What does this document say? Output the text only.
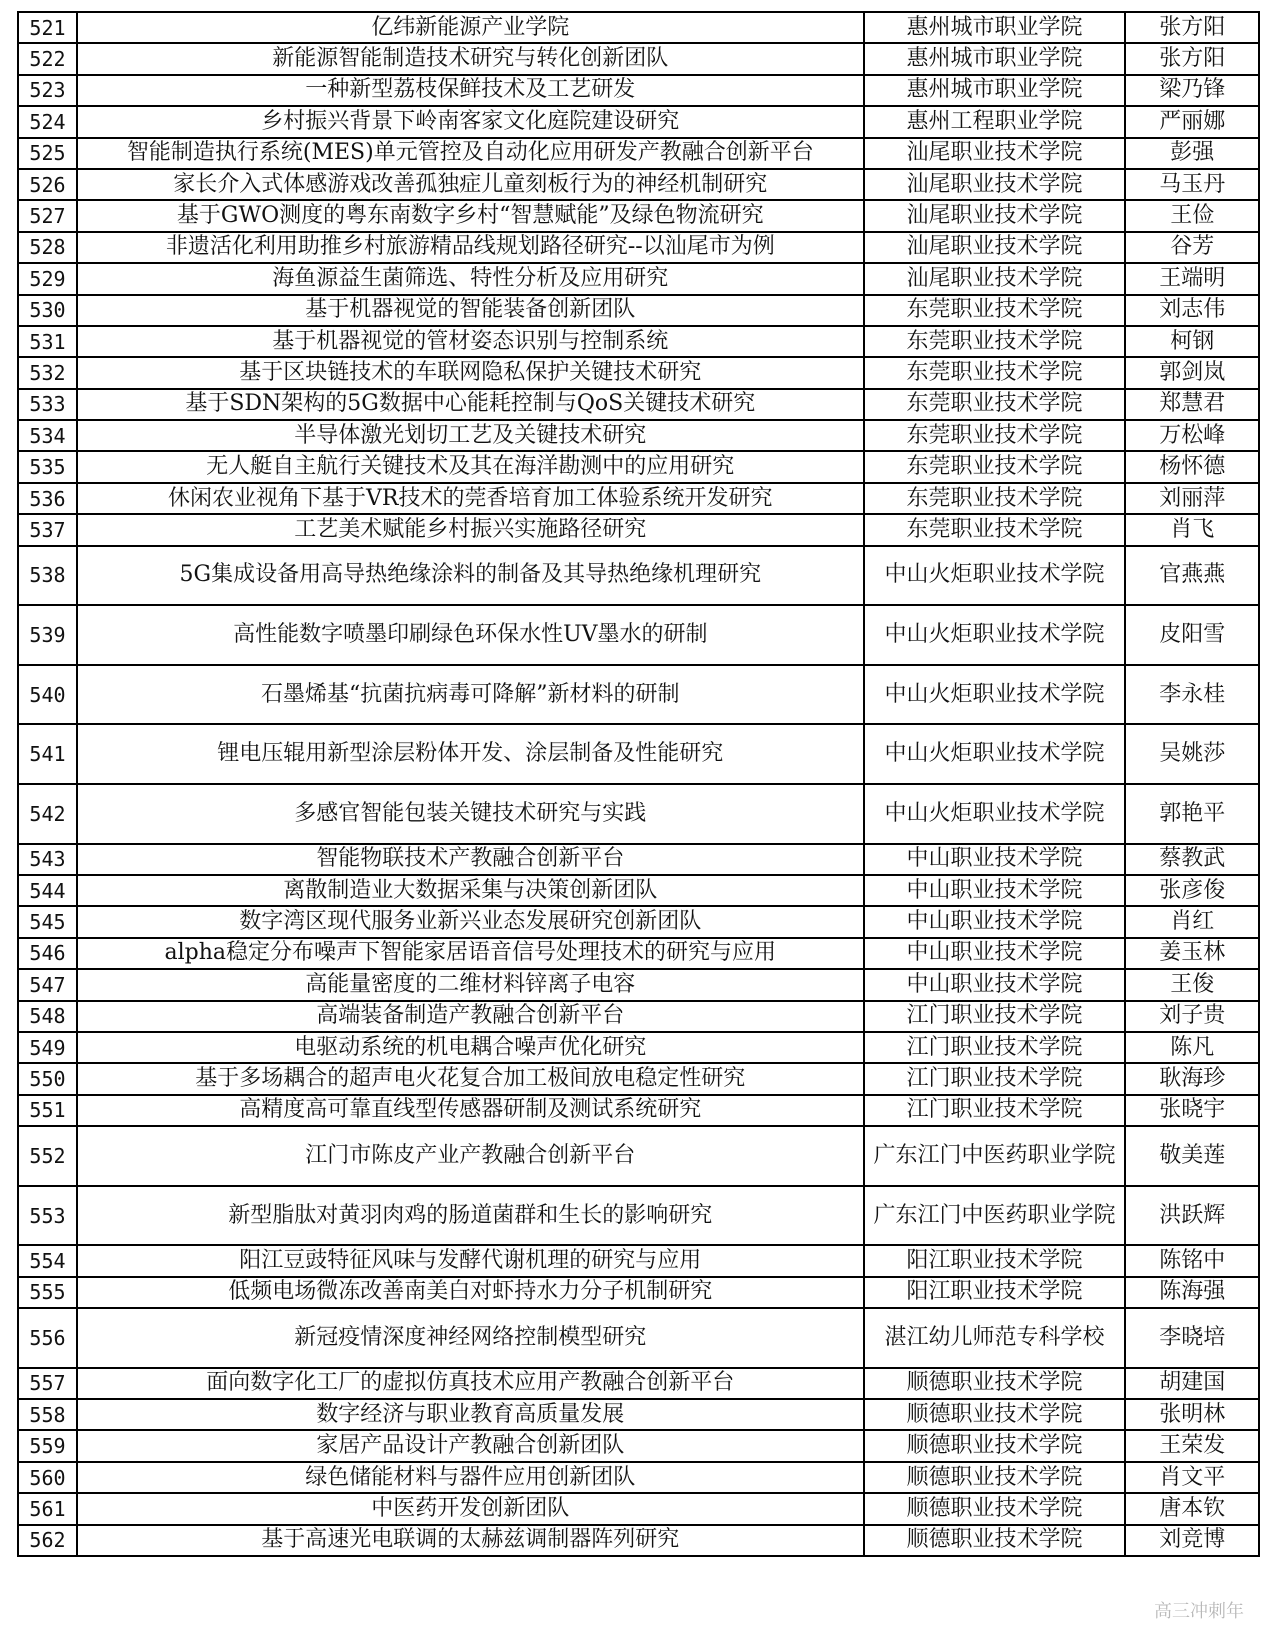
521	亿纬新能源产业学院	惠州城市职业学院	张方阳
522	新能源智能制造技术研究与转化创新团队	惠州城市职业学院	张方阳
523	一种新型荔枝保鲜技术及工艺研发	惠州城市职业学院	梁乃锋
524	乡村振兴背景下岭南客家文化庭院建设研究	惠州工程职业学院	严丽娜
525	智能制造执行系统(MES)单元管控及自动化应用研发产教融合创新平台	汕尾职业技术学院	彭强
526	家长介入式体感游戏改善孤独症儿童刻板行为的神经机制研究	汕尾职业技术学院	马玉丹
527	基于GWO测度的粤东南数字乡村“智慧赋能”及绿色物流研究	汕尾职业技术学院	王俭
528	非遗活化利用助推乡村旅游精品线规划路径研究--以汕尾市为例	汕尾职业技术学院	谷芳
529	海鱼源益生菌筛选、特性分析及应用研究	汕尾职业技术学院	王端明
530	基于机器视觉的智能装备创新团队	东莞职业技术学院	刘志伟
531	基于机器视觉的管材姿态识别与控制系统	东莞职业技术学院	柯钢
532	基于区块链技术的车联网隐私保护关键技术研究	东莞职业技术学院	郭剑岚
533	基于SDN架构的5G数据中心能耗控制与QoS关键技术研究	东莞职业技术学院	郑慧君
534	半导体激光划切工艺及关键技术研究	东莞职业技术学院	万松峰
535	无人艇自主航行关键技术及其在海洋勘测中的应用研究	东莞职业技术学院	杨怀德
536	休闲农业视角下基于VR技术的莞香培育加工体验系统开发研究	东莞职业技术学院	刘丽萍
537	工艺美术赋能乡村振兴实施路径研究	东莞职业技术学院	肖飞
538	5G集成设备用高导热绝缘涂料的制备及其导热绝缘机理研究	中山火炬职业技术学院	官燕燕
539	高性能数字喷墨印刷绿色环保水性UV墨水的研制	中山火炬职业技术学院	皮阳雪
540	石墨烯基“抗菌抗病毒可降解”新材料的研制	中山火炬职业技术学院	李永桂
541	锂电压辊用新型涂层粉体开发、涂层制备及性能研究	中山火炬职业技术学院	吴姚莎
542	多感官智能包装关键技术研究与实践	中山火炬职业技术学院	郭艳平
543	智能物联技术产教融合创新平台	中山职业技术学院	蔡教武
544	离散制造业大数据采集与决策创新团队	中山职业技术学院	张彦俊
545	数字湾区现代服务业新兴业态发展研究创新团队	中山职业技术学院	肖红
546	alpha稳定分布噪声下智能家居语音信号处理技术的研究与应用	中山职业技术学院	姜玉林
547	高能量密度的二维材料锌离子电容	中山职业技术学院	王俊
548	高端装备制造产教融合创新平台	江门职业技术学院	刘子贵
549	电驱动系统的机电耦合噪声优化研究	江门职业技术学院	陈凡
550	基于多场耦合的超声电火花复合加工极间放电稳定性研究	江门职业技术学院	耿海珍
551	高精度高可靠直线型传感器研制及测试系统研究	江门职业技术学院	张晓宇
552	江门市陈皮产业产教融合创新平台	广东江门中医药职业学院	敬美莲
553	新型脂肽对黄羽肉鸡的肠道菌群和生长的影响研究	广东江门中医药职业学院	洪跃辉
554	阳江豆豉特征风味与发酵代谢机理的研究与应用	阳江职业技术学院	陈铭中
555	低频电场微冻改善南美白对虾持水力分子机制研究	阳江职业技术学院	陈海强
556	新冠疫情深度神经网络控制模型研究	湛江幼儿师范专科学校	李晓培
557	面向数字化工厂的虚拟仿真技术应用产教融合创新平台	顺德职业技术学院	胡建国
558	数字经济与职业教育高质量发展	顺德职业技术学院	张明林
559	家居产品设计产教融合创新团队	顺德职业技术学院	王荣发
560	绿色储能材料与器件应用创新团队	顺德职业技术学院	肖文平
561	中医药开发创新团队	顺德职业技术学院	唐本钦
562	基于高速光电联调的太赫兹调制器阵列研究	顺德职业技术学院	刘竞博
高三冲刺年
